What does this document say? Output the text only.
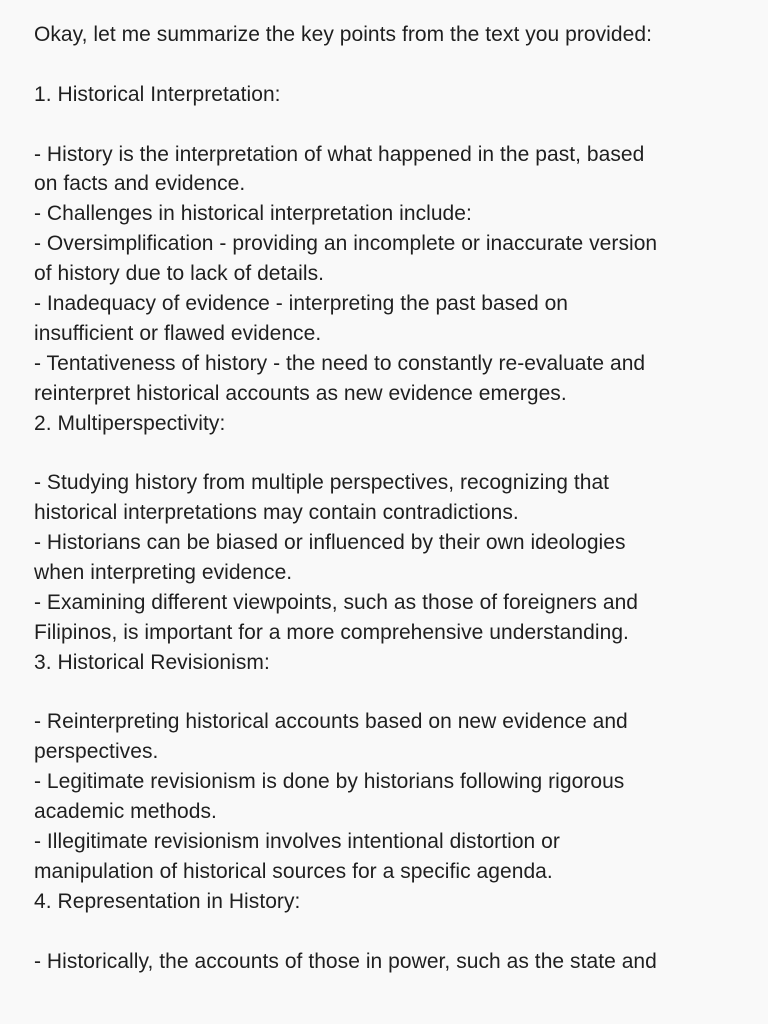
Okay, let me summarize the key points from the text you provided:
1. Historical Interpretation:
- History is the interpretation of what happened in the past, based
on facts and evidence.
- Challenges in historical interpretation include:
- Oversimplification - providing an incomplete or inaccurate version
of history due to lack of details.
- Inadequacy of evidence - interpreting the past based on
insufficient or flawed evidence.
- Tentativeness of history - the need to constantly re-evaluate and
reinterpret historical accounts as new evidence emerges.
2. Multiperspectivity:
- Studying history from multiple perspectives, recognizing that
historical interpretations may contain contradictions.
- Historians can be biased or influenced by their own ideologies
when interpreting evidence.
- Examining different viewpoints, such as those of foreigners and
Filipinos, is important for a more comprehensive understanding.
3. Historical Revisionism:
- Reinterpreting historical accounts based on new evidence and
perspectives.
- Legitimate revisionism is done by historians following rigorous
academic methods.
- Illegitimate revisionism involves intentional distortion or
manipulation of historical sources for a specific agenda.
4. Representation in History:
- Historically, the accounts of those in power, such as the state and
